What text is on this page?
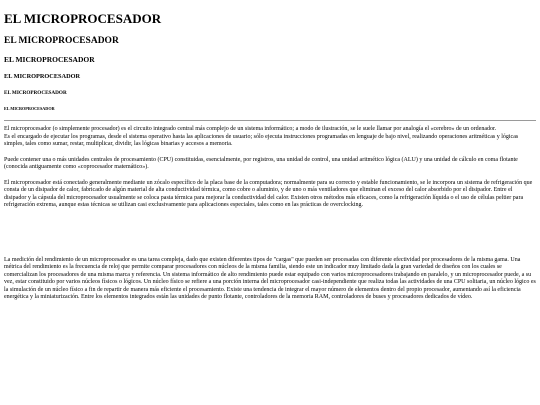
EL MICROPROCESADOR
EL MICROPROCESADOR
EL MICROPROCESADOR
EL MICROPROCESADOR
EL MICROPROCESADOR
EL MICROPROCESADOR

El microprocesador (o simplemente procesador) es el circuito integrado central más complejo de un sistema informático; a modo de ilustración, se le suele llamar por analogía el «cerebro» de un ordenador.

Es el encargado de ejecutar los programas, desde el sistema operativo hasta las aplicaciones de usuario; sólo ejecuta instrucciones programadas en lenguaje de bajo nivel, realizando operaciones aritméticas y lógicas simples, tales como sumar, restar, multiplicar, dividir, las lógicas binarias y accesos a memoria.

Puede contener una o más unidades centrales de procesamiento (CPU) constituidas, esencialmente, por registros, una unidad de control, una unidad aritmético lógica (ALU) y una unidad de cálculo en coma flotante (conocida antiguamente como «coprocesador matemático»).

El microprocesador está conectado generalmente mediante un zócalo específico de la placa base de la computadora; normalmente para su correcto y estable funcionamiento, se le incorpora un sistema de refrigeración que consta de un disipador de calor, fabricado de algún material de alta conductividad térmica, como cobre o aluminio, y de uno o más ventiladores que eliminan el exceso del calor absorbido por el disipador. Entre el disipador y la cápsula del microprocesador usualmente se coloca pasta térmica para mejorar la conductividad del calor. Existen otros métodos más eficaces, como la refrigeración líquida o el uso de células peltier para refrigeración extrema, aunque estas técnicas se utilizan casi exclusivamente para aplicaciones especiales, tales como en las prácticas de overclocking.

La medición del rendimiento de un microprocesador es una tarea compleja, dado que existen diferentes tipos de "cargas" que pueden ser procesadas con diferente efectividad por procesadores de la misma gama. Una métrica del rendimiento es la frecuencia de reloj que permite comparar procesadores con núcleos de la misma familia, siendo este un indicador muy limitado dada la gran variedad de diseños con los cuales se comercializan los procesadores de una misma marca y referencia. Un sistema informático de alto rendimiento puede estar equipado con varios microprocesadores trabajando en paralelo, y un microprocesador puede, a su vez, estar constituido por varios núcleos físicos o lógicos. Un núcleo físico se refiere a una porción interna del microprocesador casi-independiente que realiza todas las actividades de una CPU solitaria, un núcleo lógico es la simulación de un núcleo físico a fin de repartir de manera más eficiente el procesamiento. Existe una tendencia de integrar el mayor número de elementos dentro del propio procesador, aumentando así la eficiencia energética y la miniaturización. Entre los elementos integrados están las unidades de punto flotante, controladores de la memoria RAM, controladores de buses y procesadores dedicados de vídeo.
